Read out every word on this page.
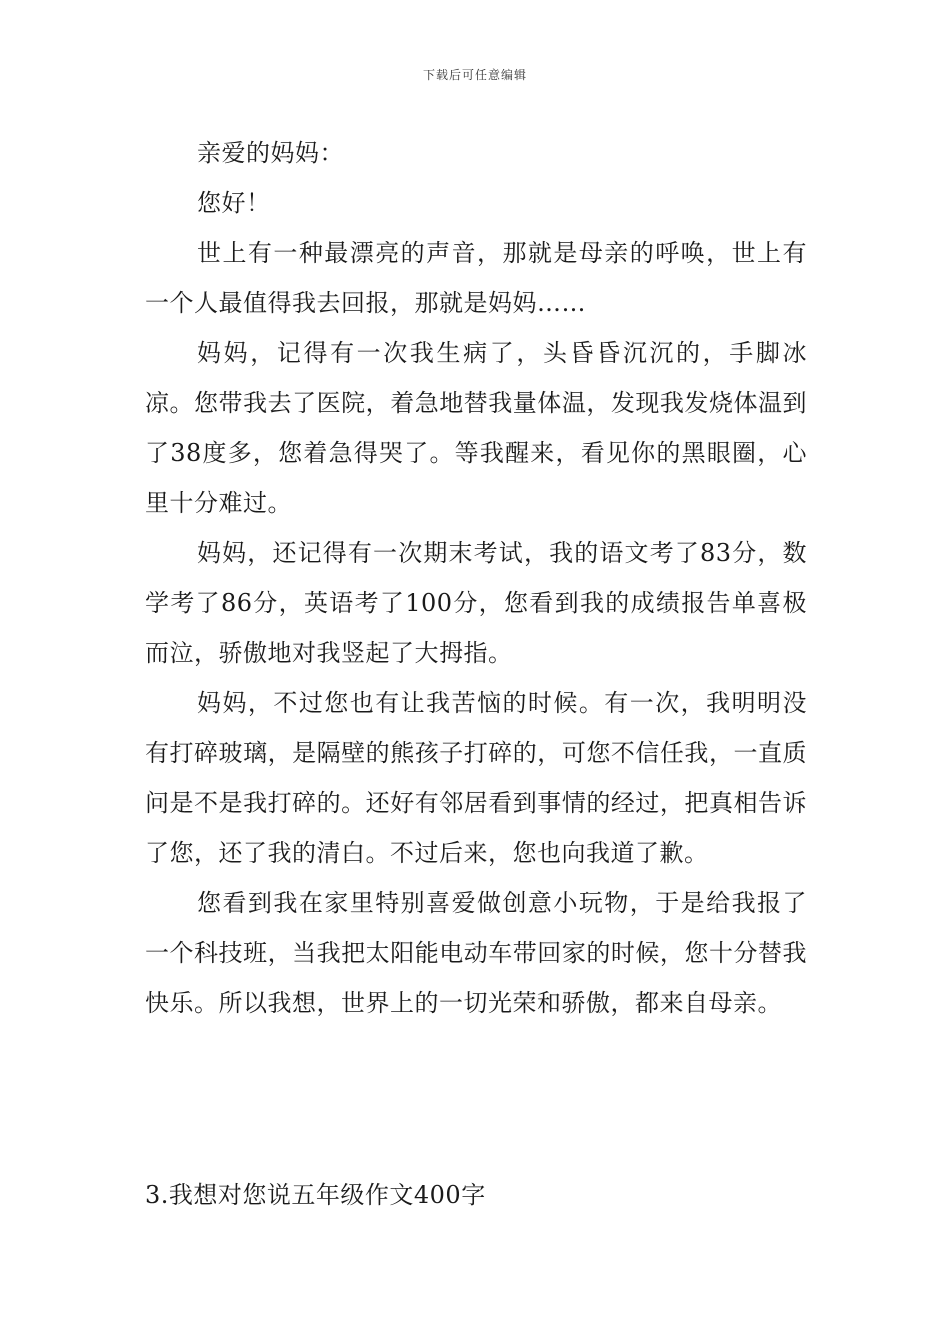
下载后可任意编辑

亲爱的妈妈：

您好！

世上有一种最漂亮的声音，那就是母亲的呼唤，世上有一个人最值得我去回报，那就是妈妈……

妈妈，记得有一次我生病了，头昏昏沉沉的，手脚冰凉。您带我去了医院，着急地替我量体温，发现我发烧体温到了38度多，您着急得哭了。等我醒来，看见你的黑眼圈，心里十分难过。

妈妈，还记得有一次期末考试，我的语文考了83分，数学考了86分，英语考了100分，您看到我的成绩报告单喜极而泣，骄傲地对我竖起了大拇指。

妈妈，不过您也有让我苦恼的时候。有一次，我明明没有打碎玻璃，是隔壁的熊孩子打碎的，可您不信任我，一直质问是不是我打碎的。还好有邻居看到事情的经过，把真相告诉了您，还了我的清白。不过后来，您也向我道了歉。

您看到我在家里特别喜爱做创意小玩物，于是给我报了一个科技班，当我把太阳能电动车带回家的时候，您十分替我快乐。所以我想，世界上的一切光荣和骄傲，都来自母亲。

3.我想对您说五年级作文400字
